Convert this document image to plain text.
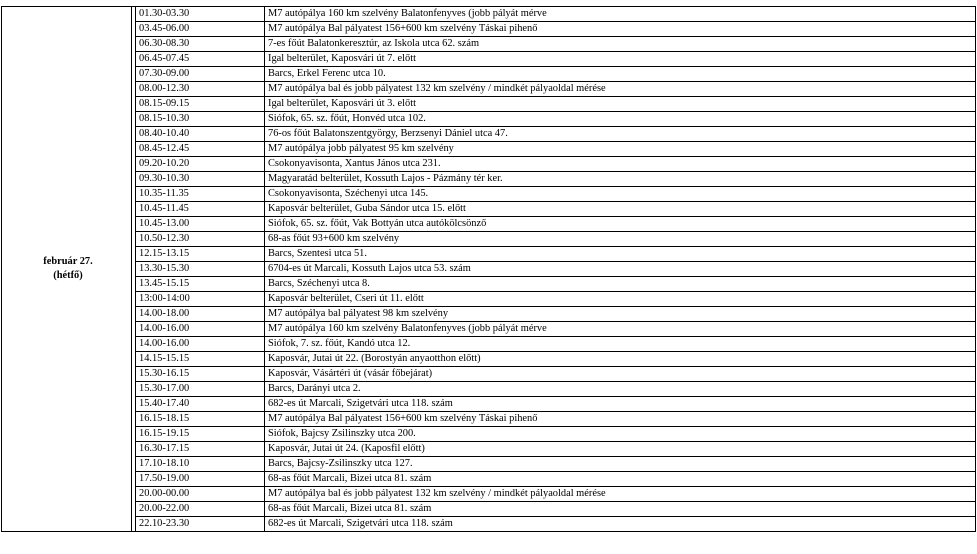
február 27.
(hétfő)		01.30-03.30	M7 autópálya 160 km szelvény Balatonfenyves (jobb pályát mérve
		03.45-06.00	M7 autópálya Bal pályatest 156+600 km szelvény Táskai pihenő
		06.30-08.30	7-es főút Balatonkeresztúr, az Iskola utca 62. szám
		06.45-07.45	Igal belterület, Kaposvári út 7. előtt
		07.30-09.00	Barcs, Erkel Ferenc utca 10.
		08.00-12.30	M7 autópálya bal és jobb pályatest 132 km szelvény / mindkét pályaoldal mérése
		08.15-09.15	Igal belterület, Kaposvári út 3. előtt
		08.15-10.30	Siófok, 65. sz. főút, Honvéd utca 102.
		08.40-10.40	76-os főút Balatonszentgyörgy, Berzsenyi Dániel utca 47.
		08.45-12.45	M7 autópálya jobb pályatest 95 km szelvény
		09.20-10.20	Csokonyavisonta, Xantus János utca 231.
		09.30-10.30	Magyaratád belterület, Kossuth Lajos - Pázmány tér ker.
		10.35-11.35	Csokonyavisonta, Széchenyi utca 145.
		10.45-11.45	Kaposvár belterület, Guba Sándor utca 15. előtt
		10.45-13.00	Siófok, 65. sz. főút, Vak Bottyán utca autókölcsönző
		10.50-12.30	68-as főút 93+600 km szelvény
		12.15-13.15	Barcs, Szentesi utca 51.
		13.30-15.30	6704-es út Marcali, Kossuth Lajos utca 53. szám
		13.45-15.15	Barcs, Széchenyi utca 8.
		13:00-14:00	Kaposvár belterület, Cseri út 11. előtt
		14.00-18.00	M7 autópálya bal pályatest 98 km szelvény
		14.00-16.00	M7 autópálya 160 km szelvény Balatonfenyves (jobb pályát mérve
		14.00-16.00	Siófok, 7. sz. főút, Kandó utca 12.
		14.15-15.15	Kaposvár, Jutai út 22. (Borostyán anyaotthon előtt)
		15.30-16.15	Kaposvár, Vásártéri út (vásár főbejárat)
		15.30-17.00	Barcs, Darányi utca 2.
		15.40-17.40	682-es út Marcali, Szigetvári utca 118. szám
		16.15-18.15	M7 autópálya Bal pályatest 156+600 km szelvény Táskai pihenő
		16.15-19.15	Siófok, Bajcsy Zsilinszky utca 200.
		16.30-17.15	Kaposvár, Jutai út 24. (Kaposfil előtt)
		17.10-18.10	Barcs, Bajcsy-Zsilinszky utca 127.
		17.50-19.00	68-as főút Marcali, Bizei utca 81. szám
		20.00-00.00	M7 autópálya bal és jobb pályatest 132 km szelvény / mindkét pályaoldal mérése
		20.00-22.00	68-as főút Marcali, Bizei utca 81. szám
		22.10-23.30	682-es út Marcali, Szigetvári utca 118. szám
